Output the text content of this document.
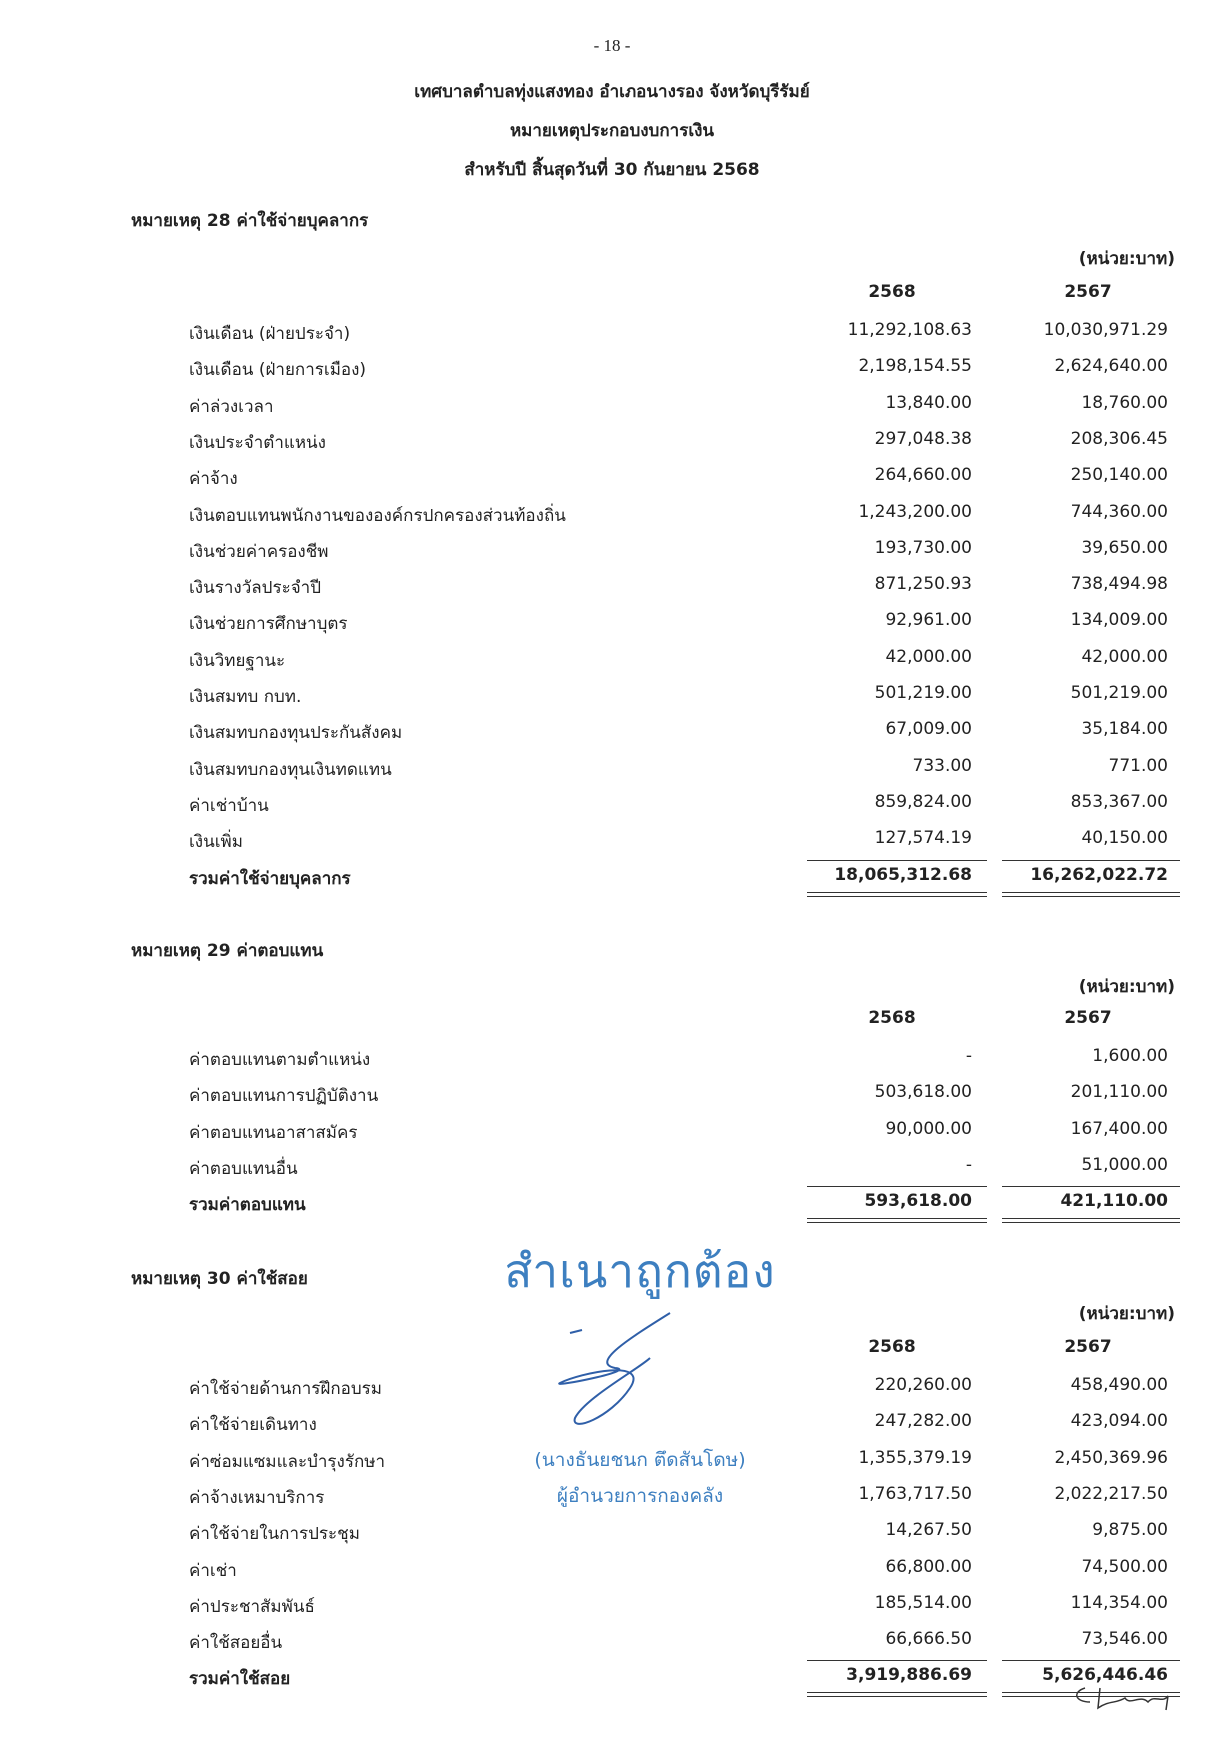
- 18 -
เทศบาลตำบลทุ่งแสงทอง อำเภอนางรอง จังหวัดบุรีรัมย์
หมายเหตุประกอบงบการเงิน
สำหรับปี สิ้นสุดวันที่ 30 กันยายน 2568
หมายเหตุ 28 ค่าใช้จ่ายบุคลากร
(หน่วย:บาท)
2568	2567
เงินเดือน (ฝ่ายประจำ)	11,292,108.63	10,030,971.29
เงินเดือน (ฝ่ายการเมือง)	2,198,154.55	2,624,640.00
ค่าล่วงเวลา	13,840.00	18,760.00
เงินประจำตำแหน่ง	297,048.38	208,306.45
ค่าจ้าง	264,660.00	250,140.00
เงินตอบแทนพนักงานขององค์กรปกครองส่วนท้องถิ่น	1,243,200.00	744,360.00
เงินช่วยค่าครองชีพ	193,730.00	39,650.00
เงินรางวัลประจำปี	871,250.93	738,494.98
เงินช่วยการศึกษาบุตร	92,961.00	134,009.00
เงินวิทยฐานะ	42,000.00	42,000.00
เงินสมทบ กบท.	501,219.00	501,219.00
เงินสมทบกองทุนประกันสังคม	67,009.00	35,184.00
เงินสมทบกองทุนเงินทดแทน	733.00	771.00
ค่าเช่าบ้าน	859,824.00	853,367.00
เงินเพิ่ม	127,574.19	40,150.00
รวมค่าใช้จ่ายบุคลากร	18,065,312.68	16,262,022.72
หมายเหตุ 29 ค่าตอบแทน
(หน่วย:บาท)
2568	2567
ค่าตอบแทนตามตำแหน่ง	-	1,600.00
ค่าตอบแทนการปฏิบัติงาน	503,618.00	201,110.00
ค่าตอบแทนอาสาสมัคร	90,000.00	167,400.00
ค่าตอบแทนอื่น	-	51,000.00
รวมค่าตอบแทน	593,618.00	421,110.00
หมายเหตุ 30 ค่าใช้สอย
(หน่วย:บาท)
2568	2567
ค่าใช้จ่ายด้านการฝึกอบรม	220,260.00	458,490.00
ค่าใช้จ่ายเดินทาง	247,282.00	423,094.00
ค่าซ่อมแซมและบำรุงรักษา	1,355,379.19	2,450,369.96
ค่าจ้างเหมาบริการ	1,763,717.50	2,022,217.50
ค่าใช้จ่ายในการประชุม	14,267.50	9,875.00
ค่าเช่า	66,800.00	74,500.00
ค่าประชาสัมพันธ์	185,514.00	114,354.00
ค่าใช้สอยอื่น	66,666.50	73,546.00
รวมค่าใช้สอย	3,919,886.69	5,626,446.46
สำเนาถูกต้อง
(นางธันยชนก ตึดสันโดษ)
ผู้อำนวยการกองคลัง
